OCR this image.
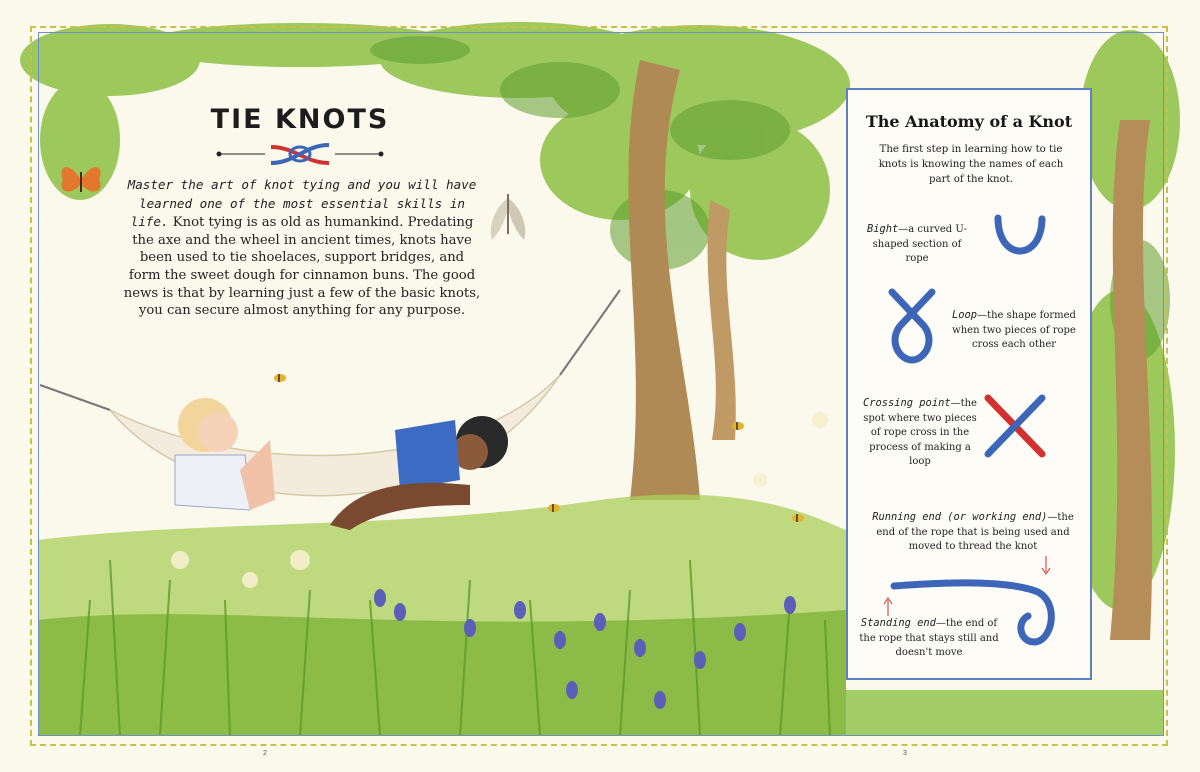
TIE KNOTS
Master the art of knot tying and you will have learned one of the most essential skills in life. Knot tying is as old as humankind. Predating the axe and the wheel in ancient times, knots have been used to tie shoelaces, support bridges, and form the sweet dough for cinnamon buns. The good news is that by learning just a few of the basic knots, you can secure almost anything for any purpose.
The Anatomy of a Knot
The first step in learning how to tie knots is knowing the names of each part of the knot.
Bight—a curved U-shaped section of rope
Loop—the shape formed when two pieces of rope cross each other
Crossing point—the spot where two pieces of rope cross in the process of making a loop
Running end (or working end)—the end of the rope that is being used and moved to thread the knot
Standing end—the end of the rope that stays still and doesn't move
2	3
